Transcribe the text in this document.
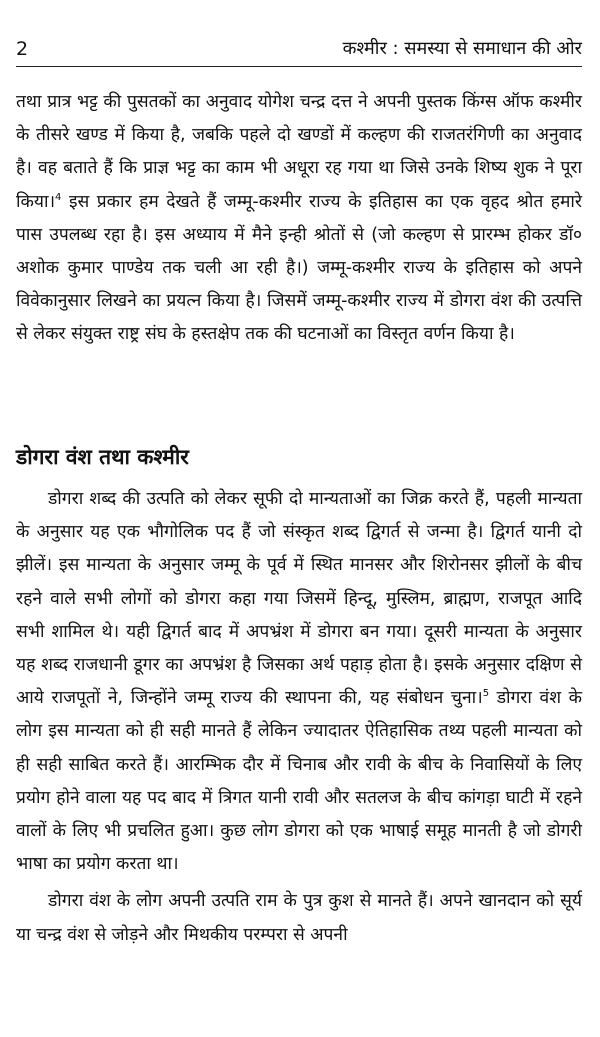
2	कश्मीर : समस्या से समाधान की ओर

तथा प्रात्र भट्ट की पुसतकों का अनुवाद योगेश चन्द्र दत्त ने अपनी पुस्तक किंग्स ऑफ कश्मीर के तीसरे खण्ड में किया है, जबकि पहले दो खण्डों में कल्हण की राजतरंगिणी का अनुवाद है। वह बताते हैं कि प्राज्ञ भट्ट का काम भी अधूरा रह गया था जिसे उनके शिष्य शुक ने पूरा किया।$^4$ इस प्रकार हम देखते हैं जम्मू-कश्मीर राज्य के इतिहास का एक वृहद श्रोत हमारे पास उपलब्ध रहा है। इस अध्याय में मैने इन्ही श्रोतों से (जो कल्हण से प्रारम्भ होकर डॉ० अशोक कुमार पाण्डेय तक चली आ रही है।) जम्मू-कश्मीर राज्य के इतिहास को अपने विवेकानुसार लिखने का प्रयत्न किया है। जिसमें जम्मू-कश्मीर राज्य में डोगरा वंश की उत्पत्ति से लेकर संयुक्त राष्ट्र संघ के हस्तक्षेप तक की घटनाओं का विस्तृत वर्णन किया है।

डोगरा वंश तथा कश्मीर

डोगरा शब्द की उत्पति को लेकर सूफी दो मान्यताओं का जिक्र करते हैं, पहली मान्यता के अनुसार यह एक भौगोलिक पद हैं जो संस्कृत शब्द द्विगर्त से जन्मा है। द्विगर्त यानी दो झीलें। इस मान्यता के अनुसार जम्मू के पूर्व में स्थित मानसर और शिरोनसर झीलों के बीच रहने वाले सभी लोगों को डोगरा कहा गया जिसमें हिन्दू, मुस्लिम, ब्राह्मण, राजपूत आदि सभी शामिल थे। यही द्विगर्त बाद में अपभ्रंश में डोगरा बन गया। दूसरी मान्यता के अनुसार यह शब्द राजधानी डूगर का अपभ्रंश है जिसका अर्थ पहाड़ होता है। इसके अनुसार दक्षिण से आये राजपूतों ने, जिन्होंने जम्मू राज्य की स्थापना की, यह संबोधन चुना।$^5$ डोगरा वंश के लोग इस मान्यता को ही सही मानते हैं लेकिन ज्यादातर ऐतिहासिक तथ्य पहली मान्यता को ही सही साबित करते हैं। आरम्भिक दौर में चिनाब और रावी के बीच के निवासियों के लिए प्रयोग होने वाला यह पद बाद में त्रिगत यानी रावी और सतलज के बीच कांगड़ा घाटी में रहने वालों के लिए भी प्रचलित हुआ। कुछ लोग डोगरा को एक भाषाई समूह मानती है जो डोगरी भाषा का प्रयोग करता था।

डोगरा वंश के लोग अपनी उत्पति राम के पुत्र कुश से मानते हैं। अपने खानदान को सूर्य या चन्द्र वंश से जोड़ने और मिथकीय परम्परा से अपनी
